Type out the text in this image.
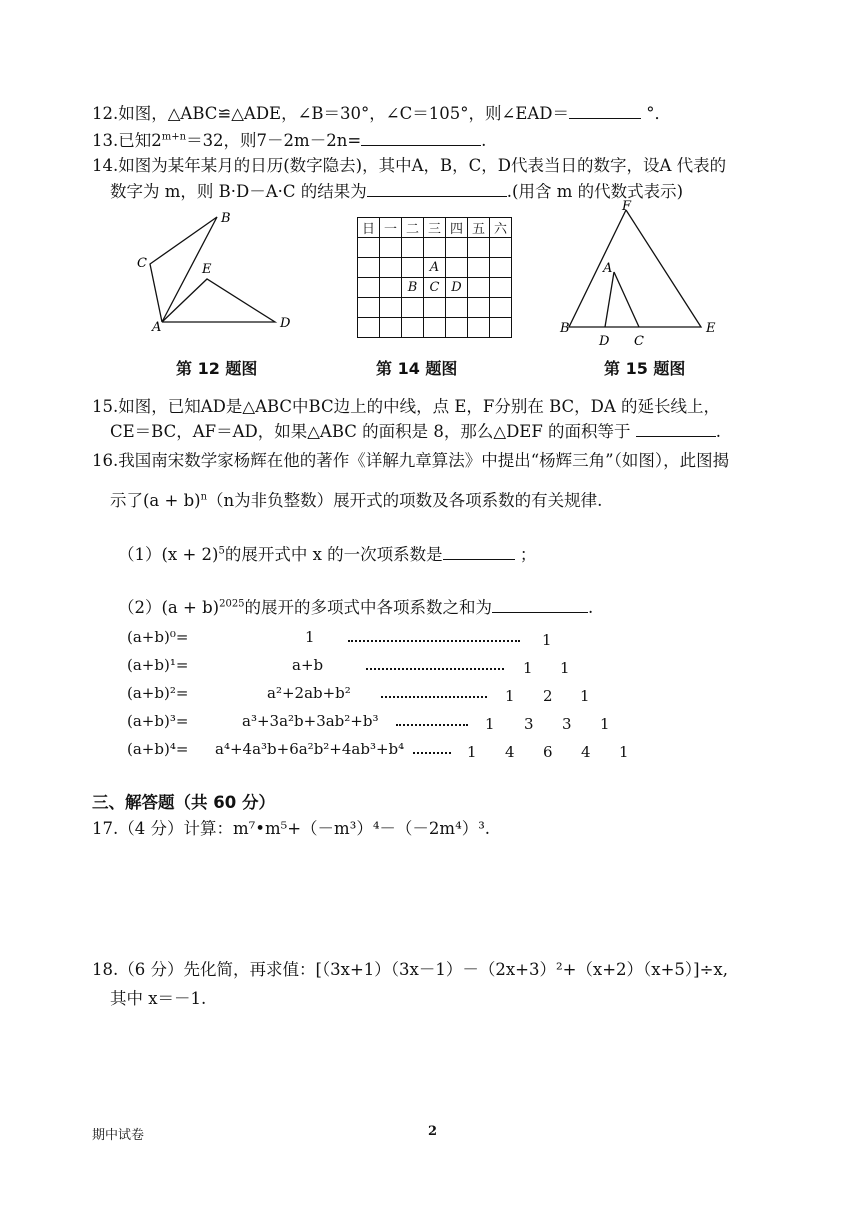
12.如图，△ABC≌△ADE，∠B＝30°，∠C＝105°，则∠EAD＝	°．
13.已知$2^{m+n}=32$，则7－2m－2n=	.
14.如图为某年某月的日历(数字隐去)，其中A，B，C，D代表当日的数字，设A 代表的
数字为 m，则 B·D－A·C 的结果为	.(用含 m 的代数式表示)
B
C	E
A	D
日	一	二	三	四	五	六

			A			
		B	C	D		

F
A
B
D C
E
第 12 题图	第 14 题图	第 15 题图
15.如图，已知AD是△ABC中BC边上的中线，点 E，F分别在 BC，DA 的延长线上，
CE＝BC，AF＝AD，如果△ABC 的面积是 8，那么△DEF 的面积等于	.
16.我国南宋数学家杨辉在他的著作《详解九章算法》中提出“杨辉三角”（如图），此图揭
示了$(a + b)^n(n$为非负整数）展开式的项数及各项系数的有关规律.
$(1)(x + 2)^5$的展开式中 x 的一次项系数是	；
$(2)(a + b)^{2025}$的展开的多项式中各项系数之和为	.
(a+b)⁰=	1	1
(a+b)¹=	a+b	1 1
(a+b)²=	a²+2ab+b²	1 2 1
(a+b)³=	a³+3a²b+3ab²+b³	1 3 3 1
(a+b)⁴= a⁴+4a³b+6a²b²+4ab³+b⁴	1 4 6 4 1
三、解答题（共 60 分）
17.（4 分）计算：m⁷•m⁵+（－m³）⁴－（－2m⁴）³.
18.（6 分）先化简，再求值：[（3x+1）（3x－1）－（2x+3）²+（x+2）（x+5）]÷x,
其中 x＝－1.
期中试卷	2
